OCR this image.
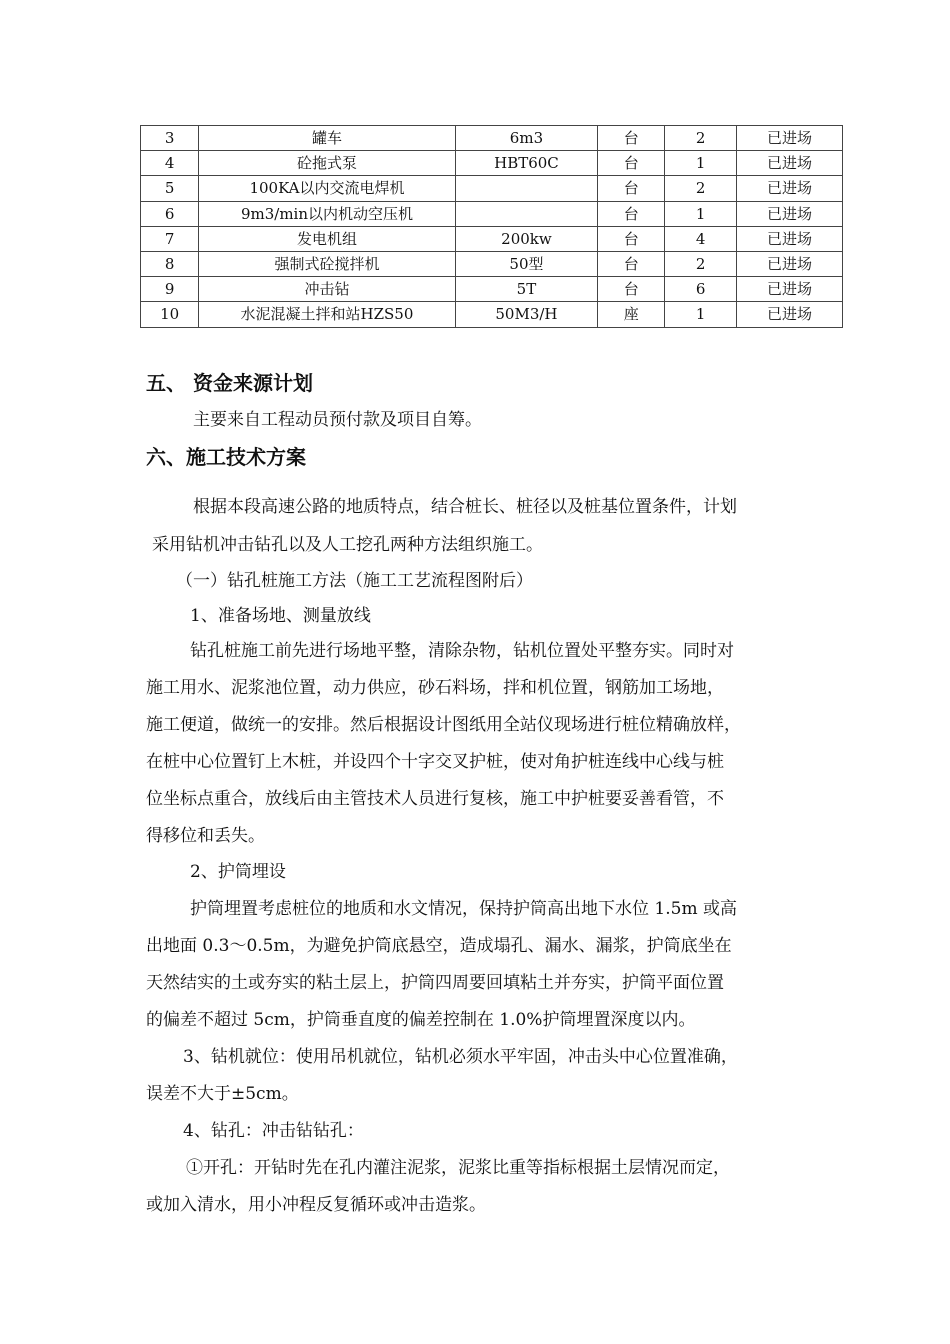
3	罐车	6m3	台	2	已进场
4	砼拖式泵	HBT60C	台	1	已进场
5	100KA以内交流电焊机		台	2	已进场
6	9m3/min以内机动空压机		台	1	已进场
7	发电机组	200kw	台	4	已进场
8	强制式砼搅拌机	50型	台	2	已进场
9	冲击钻	5T	台	6	已进场
10	水泥混凝土拌和站HZS50	50M3/H	座	1	已进场
五、 资金来源计划
主要来自工程动员预付款及项目自筹。
六、施工技术方案
根据本段高速公路的地质特点，结合桩长、桩径以及桩基位置条件，计划
采用钻机冲击钻孔以及人工挖孔两种方法组织施工。
（一）钻孔桩施工方法（施工工艺流程图附后）
1、准备场地、测量放线
钻孔桩施工前先进行场地平整，清除杂物，钻机位置处平整夯实。同时对
施工用水、泥浆池位置，动力供应，砂石料场，拌和机位置，钢筋加工场地，
施工便道，做统一的安排。然后根据设计图纸用全站仪现场进行桩位精确放样，
在桩中心位置钉上木桩，并设四个十字交叉护桩，使对角护桩连线中心线与桩
位坐标点重合，放线后由主管技术人员进行复核，施工中护桩要妥善看管，不
得移位和丢失。
2、护筒埋设
护筒埋置考虑桩位的地质和水文情况，保持护筒高出地下水位 1.5m 或高
出地面 0.3～0.5m，为避免护筒底悬空，造成塌孔、漏水、漏浆，护筒底坐在
天然结实的土或夯实的粘土层上，护筒四周要回填粘土并夯实，护筒平面位置
的偏差不超过 5cm，护筒垂直度的偏差控制在 1.0%护筒埋置深度以内。
3、钻机就位：使用吊机就位，钻机必须水平牢固，冲击头中心位置准确，
误差不大于±5cm。
4、钻孔：冲击钻钻孔：
①开孔：开钻时先在孔内灌注泥浆，泥浆比重等指标根据土层情况而定，
或加入清水，用小冲程反复循环或冲击造浆。
